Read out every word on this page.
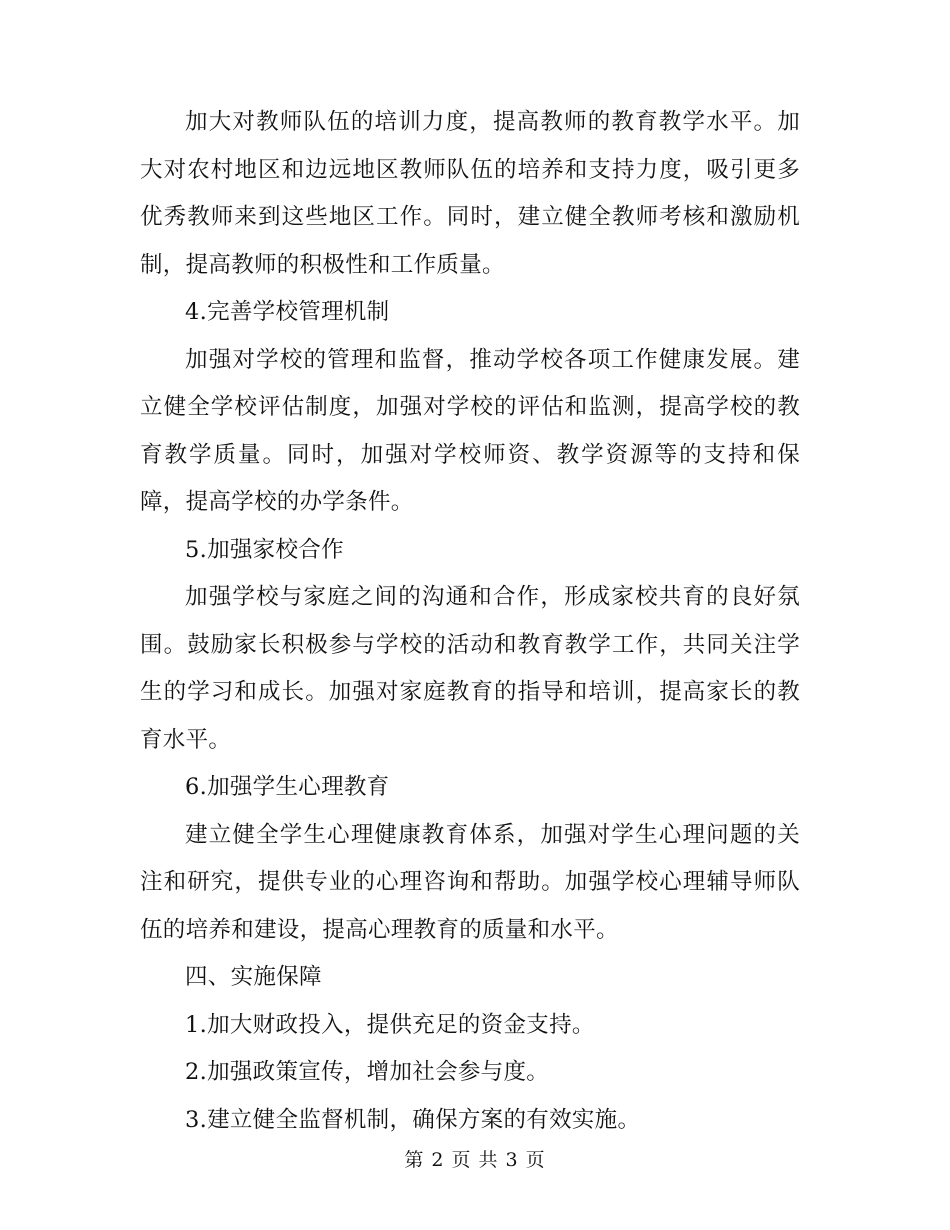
加大对教师队伍的培训力度，提高教师的教育教学水平。加大对农村地区和边远地区教师队伍的培养和支持力度，吸引更多优秀教师来到这些地区工作。同时，建立健全教师考核和激励机制，提高教师的积极性和工作质量。

4.完善学校管理机制

加强对学校的管理和监督，推动学校各项工作健康发展。建立健全学校评估制度，加强对学校的评估和监测，提高学校的教育教学质量。同时，加强对学校师资、教学资源等的支持和保障，提高学校的办学条件。

5.加强家校合作

加强学校与家庭之间的沟通和合作，形成家校共育的良好氛围。鼓励家长积极参与学校的活动和教育教学工作，共同关注学生的学习和成长。加强对家庭教育的指导和培训，提高家长的教育水平。

6.加强学生心理教育

建立健全学生心理健康教育体系，加强对学生心理问题的关注和研究，提供专业的心理咨询和帮助。加强学校心理辅导师队伍的培养和建设，提高心理教育的质量和水平。

四、实施保障

1.加大财政投入，提供充足的资金支持。

2.加强政策宣传，增加社会参与度。

3.建立健全监督机制，确保方案的有效实施。

第 2 页 共 3 页
